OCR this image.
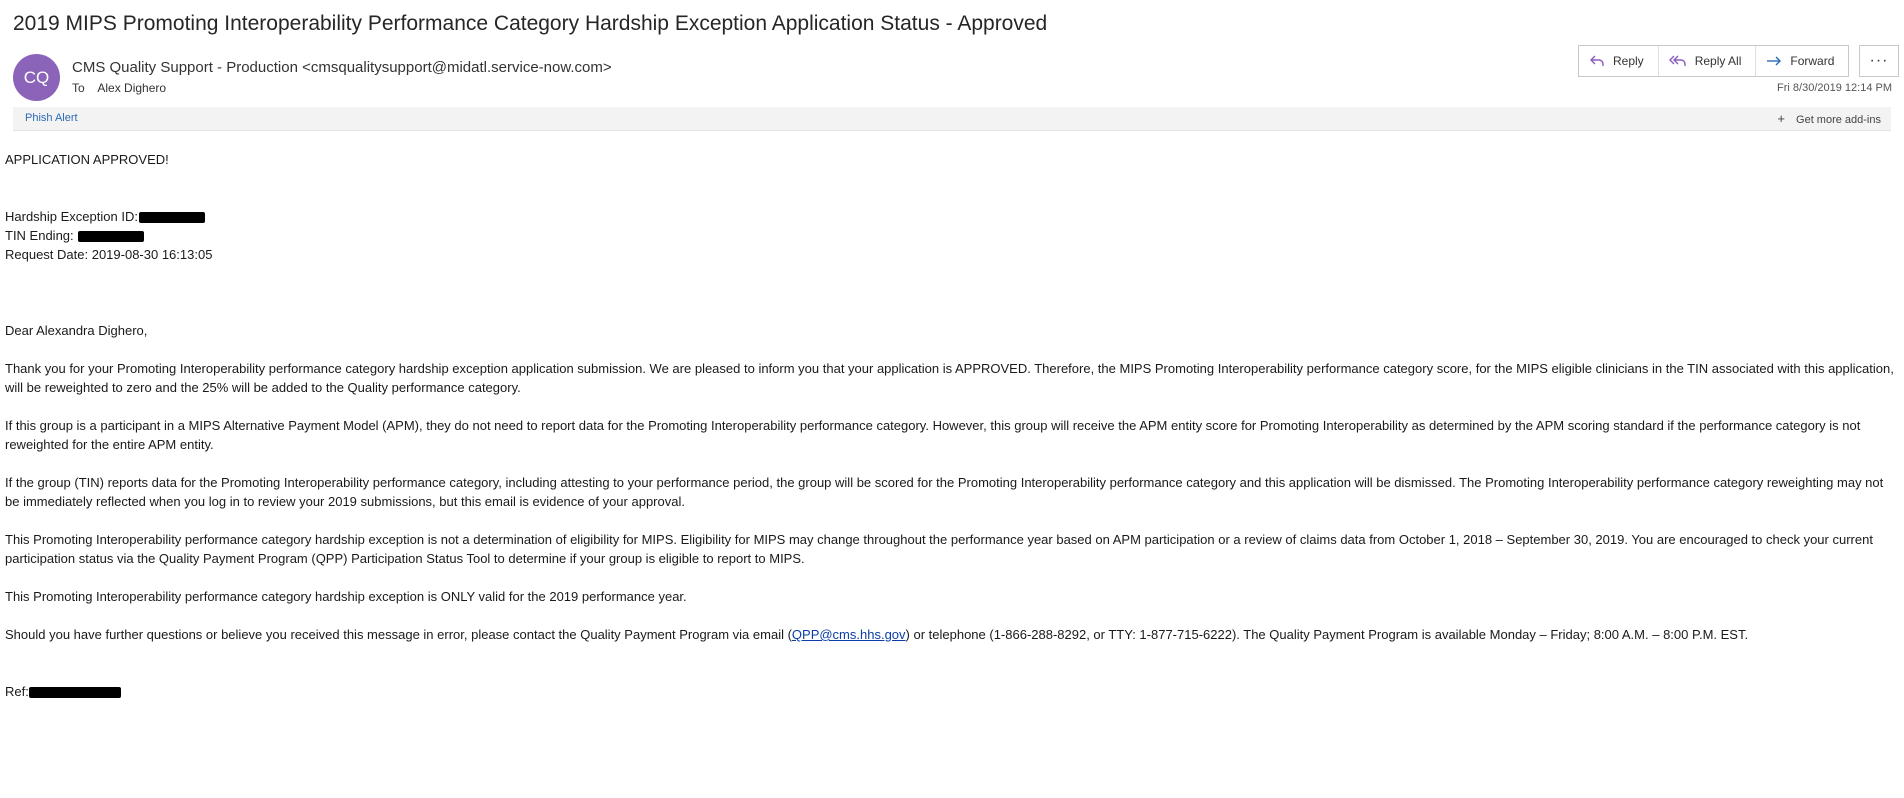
2019 MIPS Promoting Interoperability Performance Category Hardship Exception Application Status - Approved
CQ CMS Quality Support - Production <cmsqualitysupport@midatl.service-now.com>
To Alex Dighero
Reply	Reply All	Forward ···
Fri 8/30/2019 12:14 PM
Phish Alert	+ Get more add-ins

APPLICATION APPROVED!

Hardship Exception ID:

TIN Ending:

Request Date: 2019-08-30 16:13:05

Dear Alexandra Dighero,

Thank you for your Promoting Interoperability performance category hardship exception application submission. We are pleased to inform you that your application is APPROVED. Therefore, the MIPS Promoting Interoperability performance category score, for the MIPS eligible clinicians in the TIN associated with this application, will be reweighted to zero and the 25% will be added to the Quality performance category.

If this group is a participant in a MIPS Alternative Payment Model (APM), they do not need to report data for the Promoting Interoperability performance category. However, this group will receive the APM entity score for Promoting Interoperability as determined by the APM scoring standard if the performance category is not reweighted for the entire APM entity.

If the group (TIN) reports data for the Promoting Interoperability performance category, including attesting to your performance period, the group will be scored for the Promoting Interoperability performance category and this application will be dismissed. The Promoting Interoperability performance category reweighting may not be immediately reflected when you log in to review your 2019 submissions, but this email is evidence of your approval.

This Promoting Interoperability performance category hardship exception is not a determination of eligibility for MIPS. Eligibility for MIPS may change throughout the performance year based on APM participation or a review of claims data from October 1, 2018 – September 30, 2019. You are encouraged to check your current participation status via the Quality Payment Program (QPP) Participation Status Tool to determine if your group is eligible to report to MIPS.

This Promoting Interoperability performance category hardship exception is ONLY valid for the 2019 performance year.

Should you have further questions or believe you received this message in error, please contact the Quality Payment Program via email (QPP@cms.hhs.gov) or telephone (1-866-288-8292, or TTY: 1-877-715-6222). The Quality Payment Program is available Monday – Friday; 8:00 A.M. – 8:00 P.M. EST.

Ref:
